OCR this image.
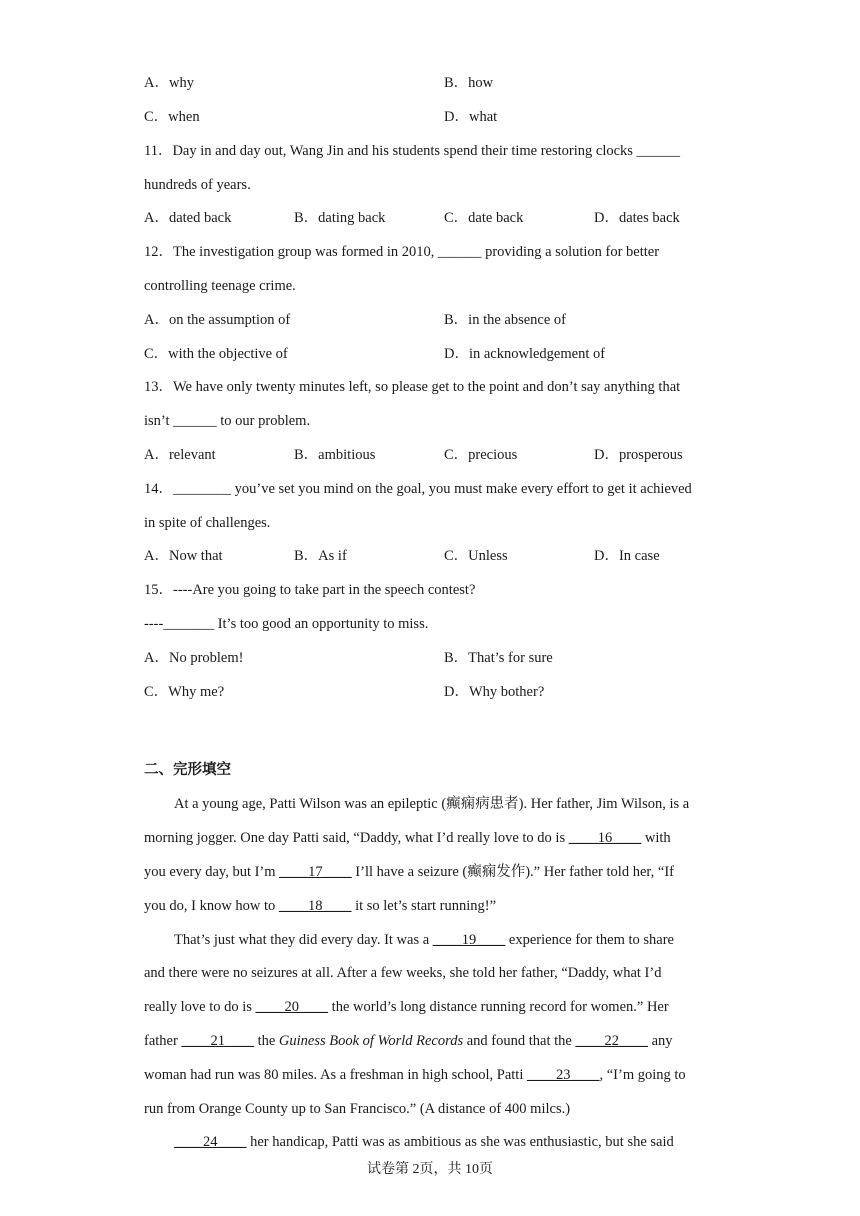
A．why	B．how
C．when	D．what
11．Day in and day out, Wang Jin and his students spend their time restoring clocks ______
hundreds of years.
A．dated back	B．dating back	C．date back	D．dates back
12．The investigation group was formed in 2010, ______ providing a solution for better
controlling teenage crime.
A．on the assumption of	B．in the absence of
C．with the objective of	D．in acknowledgement of
13．We have only twenty minutes left, so please get to the point and don’t say anything that
isn’t ______ to our problem.
A．relevant	B．ambitious	C．precious	D．prosperous
14．________ you’ve set you mind on the goal, you must make every effort to get it achieved
in spite of challenges.
A．Now that	B．As if	C．Unless	D．In case
15．----Are you going to take part in the speech contest?
----_______ It’s too good an opportunity to miss.
A．No problem!	B．That’s for sure
C．Why me?	D．Why bother?
二、完形填空
At a young age, Patti Wilson was an epileptic (癫痫病患者). Her father, Jim Wilson, is a
morning jogger. One day Patti said, “Daddy, what I’d really love to do is ____16____ with
you every day, but I’m ____17____ I’ll have a seizure (癫痫发作).” Her father told her, “If
you do, I know how to ____18____ it so let’s start running!”
That’s just what they did every day. It was a ____19____ experience for them to share
and there were no seizures at all. After a few weeks, she told her father, “Daddy, what I’d
really love to do is ____20____ the world’s long distance running record for women.” Her
father ____21____ the Guiness Book of World Records and found that the ____22____ any
woman had run was 80 miles. As a freshman in high school, Patti ____23____, “I’m going to
run from Orange County up to San Francisco.” (A distance of 400 milcs.)
____24____ her handicap, Patti was as ambitious as she was enthusiastic, but she said
试卷第 2页，共 10页
